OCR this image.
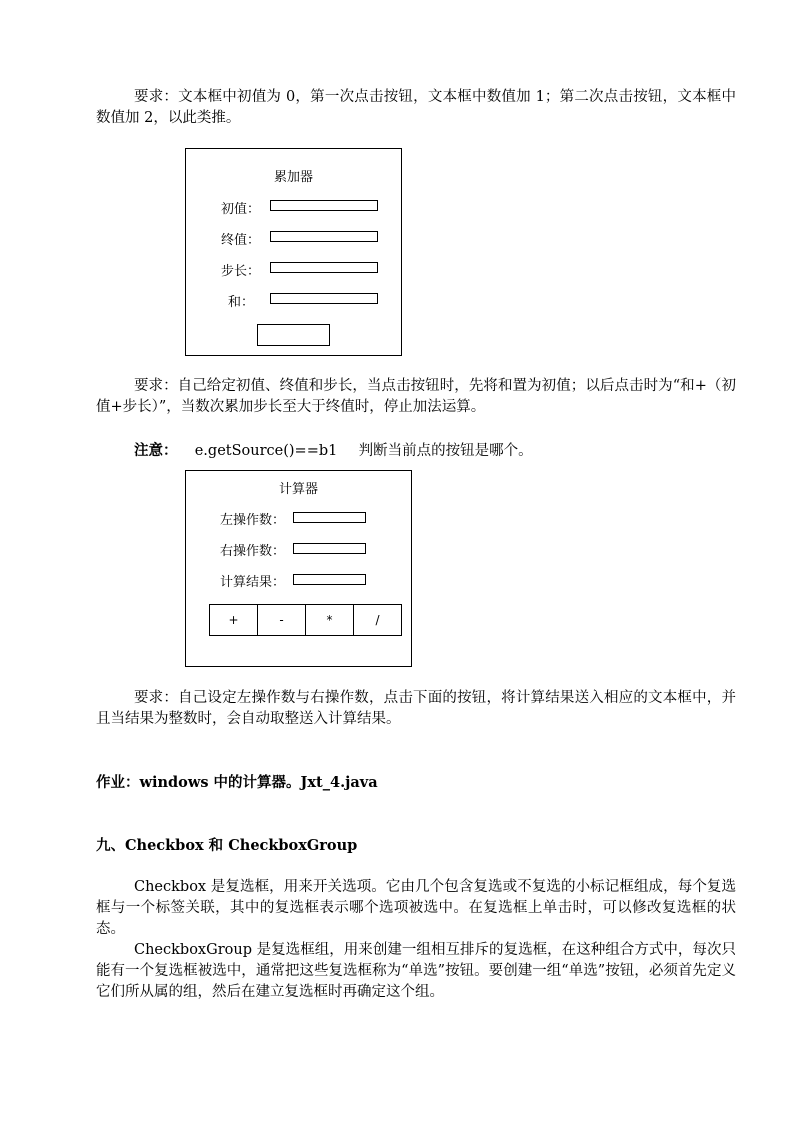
要求：文本框中初值为 0，第一次点击按钮，文本框中数值加 1；第二次点击按钮，文本框中数值加 2，以此类推。

累加器
初值：
终值：
步长：
和：

要求：自己给定初值、终值和步长，当点击按钮时，先将和置为初值；以后点击时为“和+（初值+步长）”，当数次累加步长至大于终值时，停止加法运算。

注意： e.getSource()==b1 判断当前点的按钮是哪个。
计算器
左操作数：
右操作数：
计算结果：
+	-	*	/

要求：自己设定左操作数与右操作数，点击下面的按钮，将计算结果送入相应的文本框中，并且当结果为整数时，会自动取整送入计算结果。

作业：windows 中的计算器。Jxt_4.java

九、Checkbox 和 CheckboxGroup

Checkbox 是复选框，用来开关选项。它由几个包含复选或不复选的小标记框组成，每个复选框与一个标签关联，其中的复选框表示哪个选项被选中。在复选框上单击时，可以修改复选框的状态。

CheckboxGroup 是复选框组，用来创建一组相互排斥的复选框，在这种组合方式中，每次只能有一个复选框被选中，通常把这些复选框称为“单选”按钮。要创建一组“单选”按钮，必须首先定义它们所从属的组，然后在建立复选框时再确定这个组。
